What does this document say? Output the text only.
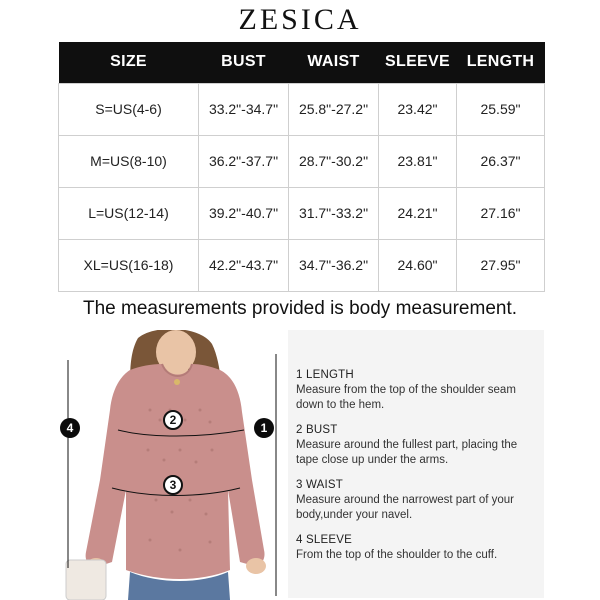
ZESICA
SIZE	BUST	WAIST	SLEEVE	LENGTH
S=US(4-6)	33.2"-34.7"	25.8"-27.2"	23.42"	25.59"
M=US(8-10)	36.2"-37.7"	28.7"-30.2"	23.81"	26.37"
L=US(12-14)	39.2"-40.7"	31.7"-33.2"	24.21"	27.16"
XL=US(16-18)	42.2"-43.7"	34.7"-36.2"	24.60"	27.95"
The measurements provided is body measurement.
4	1
2
3
1 LENGTH
Measure from the top of the shoulder seam down to the hem.
2 BUST
Measure around the fullest part, placing the tape close up under the arms.
3 WAIST
Measure around the narrowest part of your body,under your navel.
4 SLEEVE
From the top of the shoulder to the cuff.
